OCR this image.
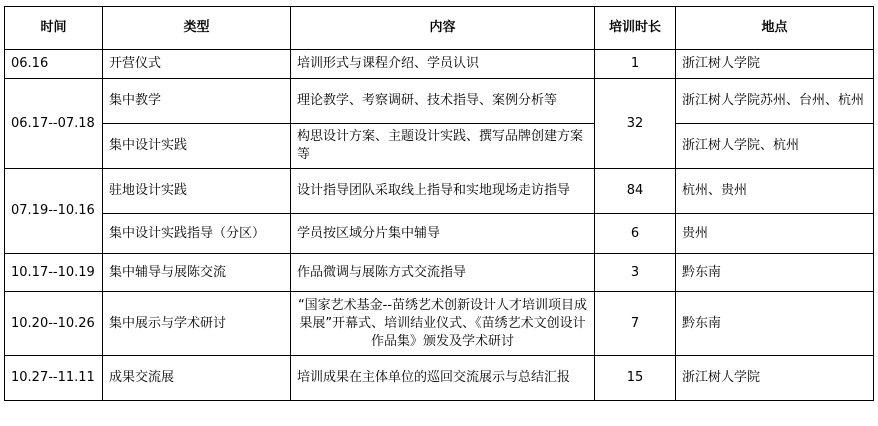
时间	类型	内容	培训时长	地点
06.16	开营仪式	培训形式与课程介绍、学员认识	1	浙江树人学院
06.17--07.18	集中教学	理论教学、考察调研、技术指导、案例分析等	32	浙江树人学院苏州、台州、杭州
	集中设计实践	构思设计方案、主题设计实践、撰写品牌创建方案等		浙江树人学院、杭州
07.19--10.16	驻地设计实践	设计指导团队采取线上指导和实地现场走访指导	84	杭州、贵州
	集中设计实践指导（分区）	学员按区域分片集中辅导	6	贵州
10.17--10.19	集中辅导与展陈交流	作品微调与展陈方式交流指导	3	黔东南
10.20--10.26	集中展示与学术研讨	“国家艺术基金--苗绣艺术创新设计人才培训项目成果展”开幕式、培训结业仪式、《苗绣艺术文创设计作品集》颁发及学术研讨	7	黔东南
10.27--11.11	成果交流展	培训成果在主体单位的巡回交流展示与总结汇报	15	浙江树人学院
